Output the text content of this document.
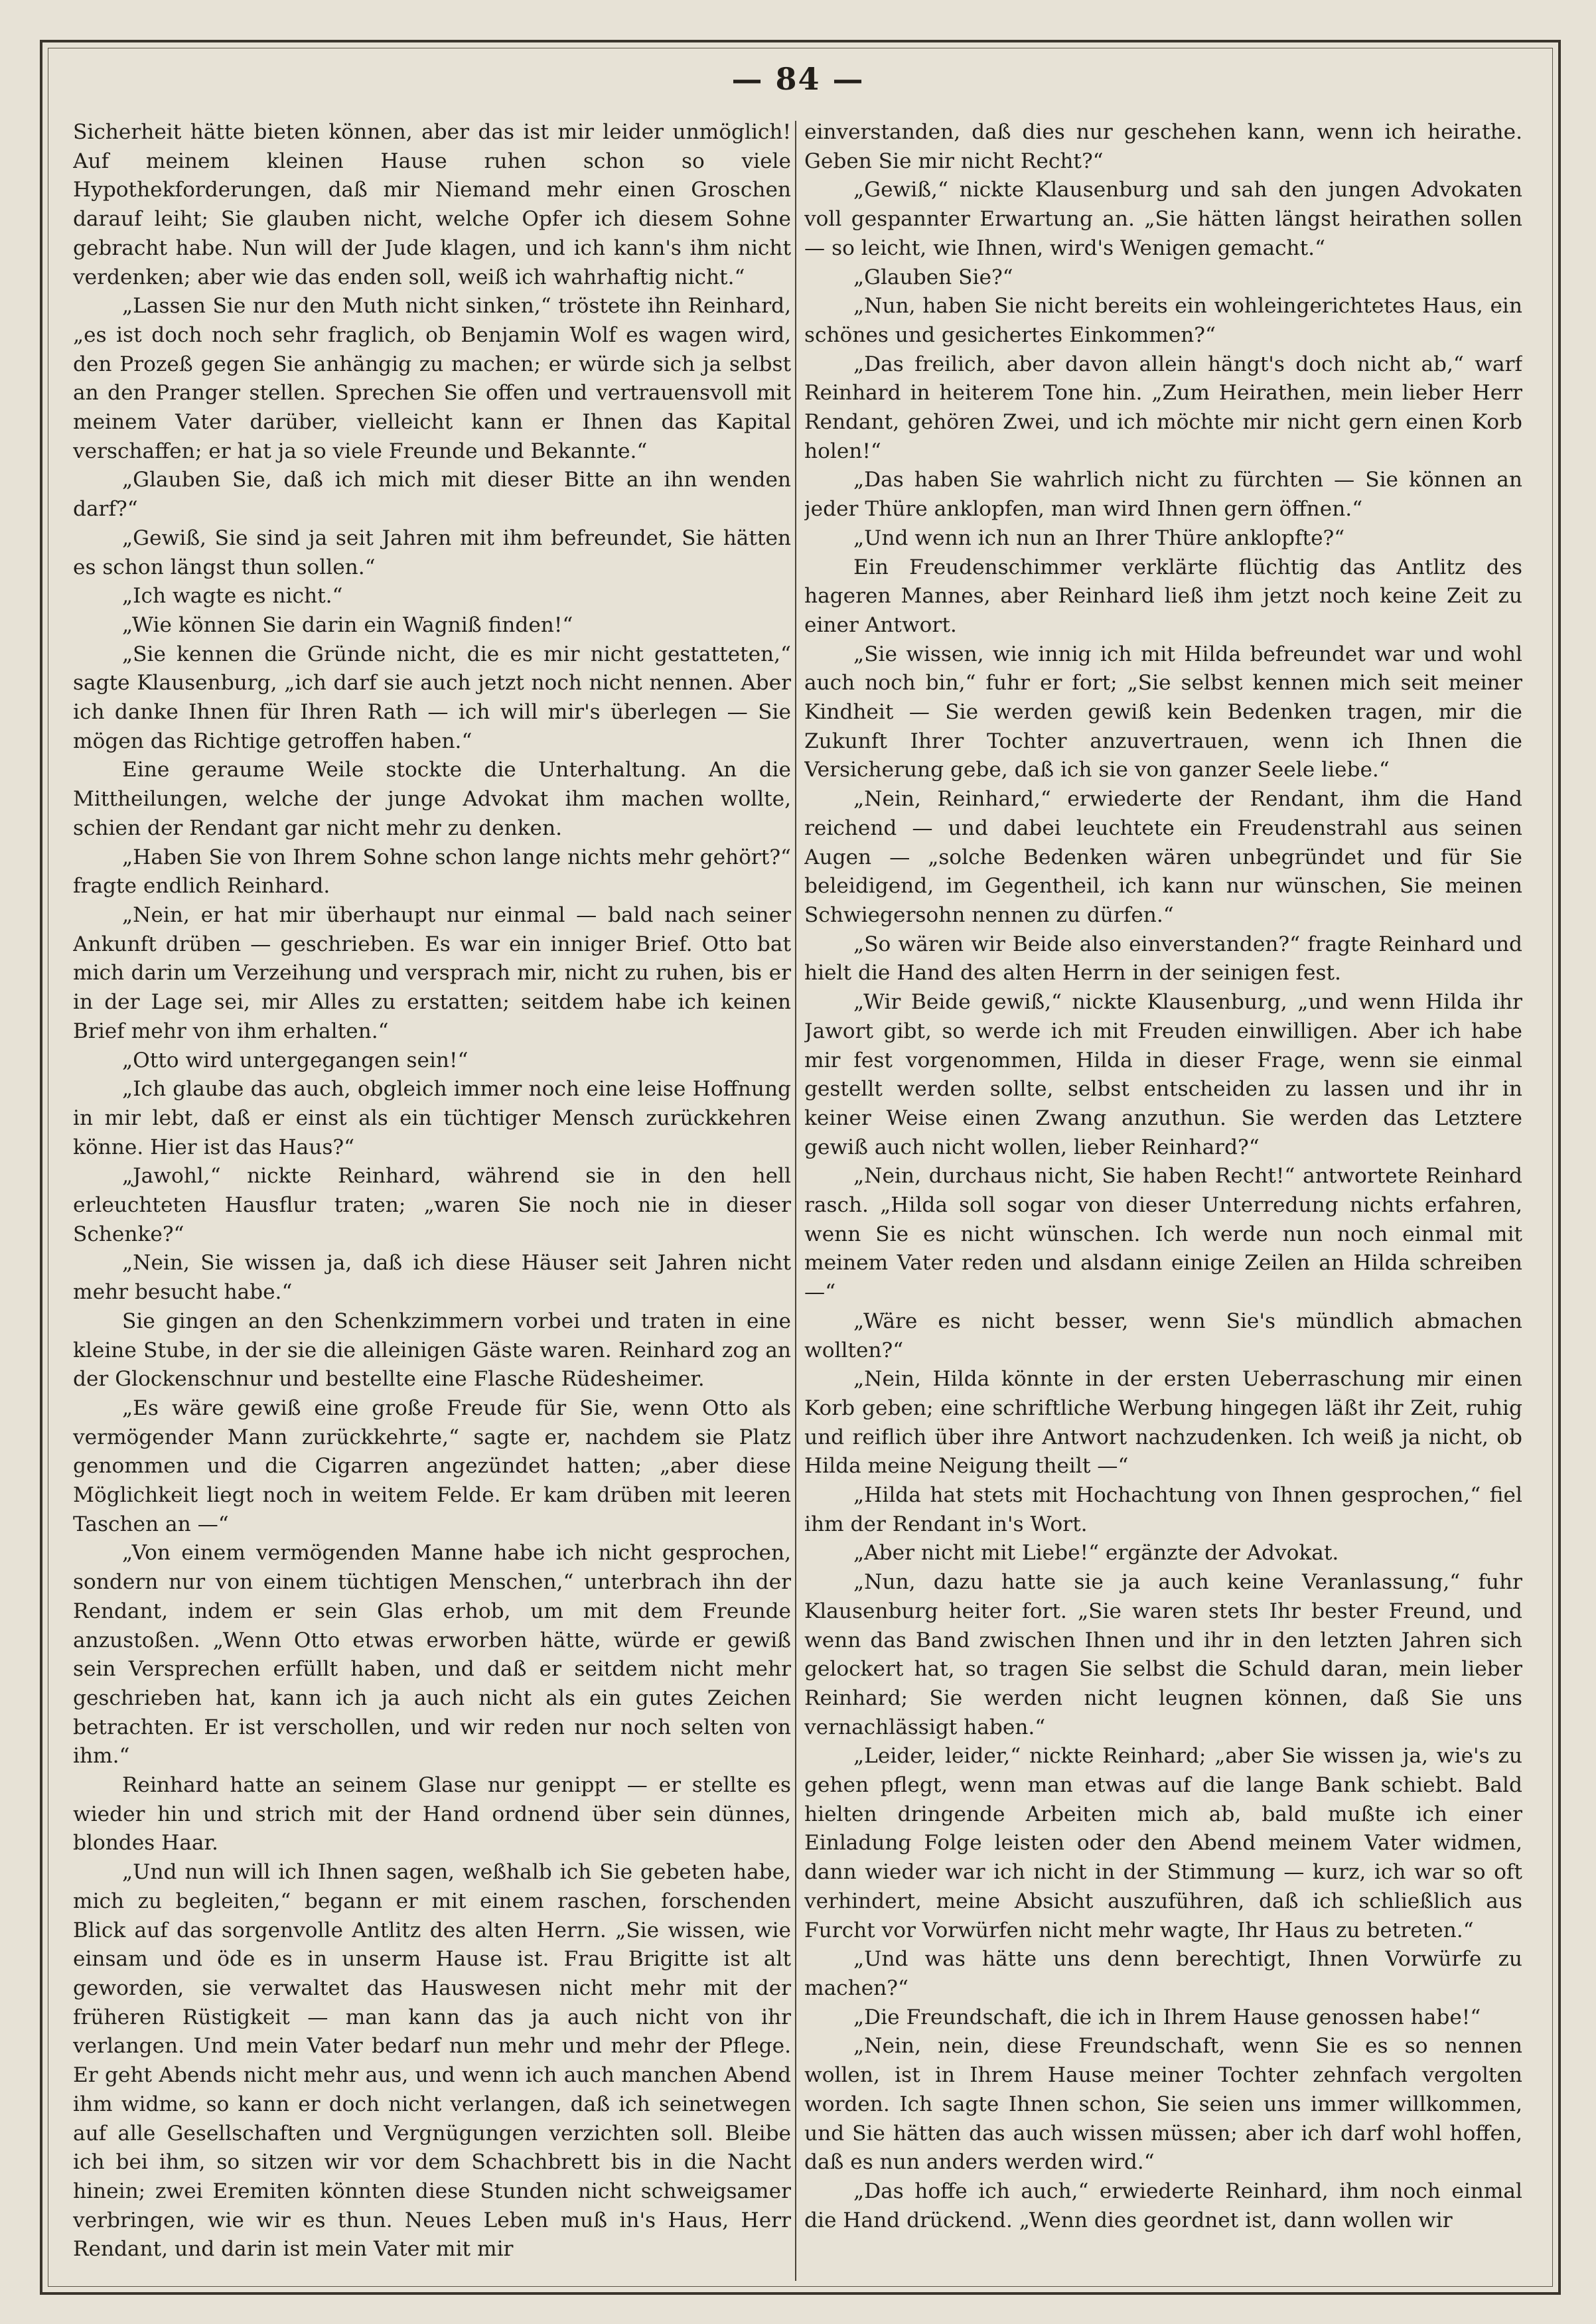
— 84 —

Sicherheit hätte bieten können, aber das ist mir leider unmöglich! Auf meinem kleinen Hause ruhen schon so viele Hypothekforderungen, daß mir Niemand mehr einen Groschen darauf leiht; Sie glauben nicht, welche Opfer ich diesem Sohne gebracht habe. Nun will der Jude klagen, und ich kann's ihm nicht verdenken; aber wie das enden soll, weiß ich wahrhaftig nicht.“

„Lassen Sie nur den Muth nicht sinken,“ tröstete ihn Reinhard, „es ist doch noch sehr fraglich, ob Benjamin Wolf es wagen wird, den Prozeß gegen Sie anhängig zu machen; er würde sich ja selbst an den Pranger stellen. Sprechen Sie offen und vertrauensvoll mit meinem Vater darüber, vielleicht kann er Ihnen das Kapital verschaffen; er hat ja so viele Freunde und Bekannte.“

„Glauben Sie, daß ich mich mit dieser Bitte an ihn wenden darf?“

„Gewiß, Sie sind ja seit Jahren mit ihm befreundet, Sie hätten es schon längst thun sollen.“

„Ich wagte es nicht.“

„Wie können Sie darin ein Wagniß finden!“

„Sie kennen die Gründe nicht, die es mir nicht gestatteten,“ sagte Klausenburg, „ich darf sie auch jetzt noch nicht nennen. Aber ich danke Ihnen für Ihren Rath — ich will mir's überlegen — Sie mögen das Richtige getroffen haben.“

Eine geraume Weile stockte die Unterhaltung. An die Mittheilungen, welche der junge Advokat ihm machen wollte, schien der Rendant gar nicht mehr zu denken.

„Haben Sie von Ihrem Sohne schon lange nichts mehr gehört?“ fragte endlich Reinhard.

„Nein, er hat mir überhaupt nur einmal — bald nach seiner Ankunft drüben — geschrieben. Es war ein inniger Brief. Otto bat mich darin um Verzeihung und versprach mir, nicht zu ruhen, bis er in der Lage sei, mir Alles zu erstatten; seitdem habe ich keinen Brief mehr von ihm erhalten.“

„Otto wird untergegangen sein!“

„Ich glaube das auch, obgleich immer noch eine leise Hoffnung in mir lebt, daß er einst als ein tüchtiger Mensch zurückkehren könne. Hier ist das Haus?“

„Jawohl,“ nickte Reinhard, während sie in den hell erleuchteten Hausflur traten; „waren Sie noch nie in dieser Schenke?“

„Nein, Sie wissen ja, daß ich diese Häuser seit Jahren nicht mehr besucht habe.“

Sie gingen an den Schenkzimmern vorbei und traten in eine kleine Stube, in der sie die alleinigen Gäste waren. Reinhard zog an der Glockenschnur und bestellte eine Flasche Rüdesheimer.

„Es wäre gewiß eine große Freude für Sie, wenn Otto als vermögender Mann zurückkehrte,“ sagte er, nachdem sie Platz genommen und die Cigarren angezündet hatten; „aber diese Möglichkeit liegt noch in weitem Felde. Er kam drüben mit leeren Taschen an —“

„Von einem vermögenden Manne habe ich nicht gesprochen, sondern nur von einem tüchtigen Menschen,“ unterbrach ihn der Rendant, indem er sein Glas erhob, um mit dem Freunde anzustoßen. „Wenn Otto etwas erworben hätte, würde er gewiß sein Versprechen erfüllt haben, und daß er seitdem nicht mehr geschrieben hat, kann ich ja auch nicht als ein gutes Zeichen betrachten. Er ist verschollen, und wir reden nur noch selten von ihm.“

Reinhard hatte an seinem Glase nur genippt — er stellte es wieder hin und strich mit der Hand ordnend über sein dünnes, blondes Haar.

„Und nun will ich Ihnen sagen, weßhalb ich Sie gebeten habe, mich zu begleiten,“ begann er mit einem raschen, forschenden Blick auf das sorgenvolle Antlitz des alten Herrn. „Sie wissen, wie einsam und öde es in unserm Hause ist. Frau Brigitte ist alt geworden, sie verwaltet das Hauswesen nicht mehr mit der früheren Rüstigkeit — man kann das ja auch nicht von ihr verlangen. Und mein Vater bedarf nun mehr und mehr der Pflege. Er geht Abends nicht mehr aus, und wenn ich auch manchen Abend ihm widme, so kann er doch nicht verlangen, daß ich seinetwegen auf alle Gesellschaften und Vergnügungen verzichten soll. Bleibe ich bei ihm, so sitzen wir vor dem Schachbrett bis in die Nacht hinein; zwei Eremiten könnten diese Stunden nicht schweigsamer verbringen, wie wir es thun. Neues Leben muß in's Haus, Herr Rendant, und darin ist mein Vater mit mir

einverstanden, daß dies nur geschehen kann, wenn ich heirathe. Geben Sie mir nicht Recht?“

„Gewiß,“ nickte Klausenburg und sah den jungen Advokaten voll gespannter Erwartung an. „Sie hätten längst heirathen sollen — so leicht, wie Ihnen, wird's Wenigen gemacht.“

„Glauben Sie?“

„Nun, haben Sie nicht bereits ein wohleingerichtetes Haus, ein schönes und gesichertes Einkommen?“

„Das freilich, aber davon allein hängt's doch nicht ab,“ warf Reinhard in heiterem Tone hin. „Zum Heirathen, mein lieber Herr Rendant, gehören Zwei, und ich möchte mir nicht gern einen Korb holen!“

„Das haben Sie wahrlich nicht zu fürchten — Sie können an jeder Thüre anklopfen, man wird Ihnen gern öffnen.“

„Und wenn ich nun an Ihrer Thüre anklopfte?“

Ein Freudenschimmer verklärte flüchtig das Antlitz des hageren Mannes, aber Reinhard ließ ihm jetzt noch keine Zeit zu einer Antwort.

„Sie wissen, wie innig ich mit Hilda befreundet war und wohl auch noch bin,“ fuhr er fort; „Sie selbst kennen mich seit meiner Kindheit — Sie werden gewiß kein Bedenken tragen, mir die Zukunft Ihrer Tochter anzuvertrauen, wenn ich Ihnen die Versicherung gebe, daß ich sie von ganzer Seele liebe.“

„Nein, Reinhard,“ erwiederte der Rendant, ihm die Hand reichend — und dabei leuchtete ein Freudenstrahl aus seinen Augen — „solche Bedenken wären unbegründet und für Sie beleidigend, im Gegentheil, ich kann nur wünschen, Sie meinen Schwiegersohn nennen zu dürfen.“

„So wären wir Beide also einverstanden?“ fragte Reinhard und hielt die Hand des alten Herrn in der seinigen fest.

„Wir Beide gewiß,“ nickte Klausenburg, „und wenn Hilda ihr Jawort gibt, so werde ich mit Freuden einwilligen. Aber ich habe mir fest vorgenommen, Hilda in dieser Frage, wenn sie einmal gestellt werden sollte, selbst entscheiden zu lassen und ihr in keiner Weise einen Zwang anzuthun. Sie werden das Letztere gewiß auch nicht wollen, lieber Reinhard?“

„Nein, durchaus nicht, Sie haben Recht!“ antwortete Reinhard rasch. „Hilda soll sogar von dieser Unterredung nichts erfahren, wenn Sie es nicht wünschen. Ich werde nun noch einmal mit meinem Vater reden und alsdann einige Zeilen an Hilda schreiben —“

„Wäre es nicht besser, wenn Sie's mündlich abmachen wollten?“

„Nein, Hilda könnte in der ersten Ueberraschung mir einen Korb geben; eine schriftliche Werbung hingegen läßt ihr Zeit, ruhig und reiflich über ihre Antwort nachzudenken. Ich weiß ja nicht, ob Hilda meine Neigung theilt —“

„Hilda hat stets mit Hochachtung von Ihnen gesprochen,“ fiel ihm der Rendant in's Wort.

„Aber nicht mit Liebe!“ ergänzte der Advokat.

„Nun, dazu hatte sie ja auch keine Veranlassung,“ fuhr Klausenburg heiter fort. „Sie waren stets Ihr bester Freund, und wenn das Band zwischen Ihnen und ihr in den letzten Jahren sich gelockert hat, so tragen Sie selbst die Schuld daran, mein lieber Reinhard; Sie werden nicht leugnen können, daß Sie uns vernachlässigt haben.“

„Leider, leider,“ nickte Reinhard; „aber Sie wissen ja, wie's zu gehen pflegt, wenn man etwas auf die lange Bank schiebt. Bald hielten dringende Arbeiten mich ab, bald mußte ich einer Einladung Folge leisten oder den Abend meinem Vater widmen, dann wieder war ich nicht in der Stimmung — kurz, ich war so oft verhindert, meine Absicht auszuführen, daß ich schließlich aus Furcht vor Vorwürfen nicht mehr wagte, Ihr Haus zu betreten.“

„Und was hätte uns denn berechtigt, Ihnen Vorwürfe zu machen?“

„Die Freundschaft, die ich in Ihrem Hause genossen habe!“

„Nein, nein, diese Freundschaft, wenn Sie es so nennen wollen, ist in Ihrem Hause meiner Tochter zehnfach vergolten worden. Ich sagte Ihnen schon, Sie seien uns immer willkommen, und Sie hätten das auch wissen müssen; aber ich darf wohl hoffen, daß es nun anders werden wird.“

„Das hoffe ich auch,“ erwiederte Reinhard, ihm noch einmal die Hand drückend. „Wenn dies geordnet ist, dann wollen wir
